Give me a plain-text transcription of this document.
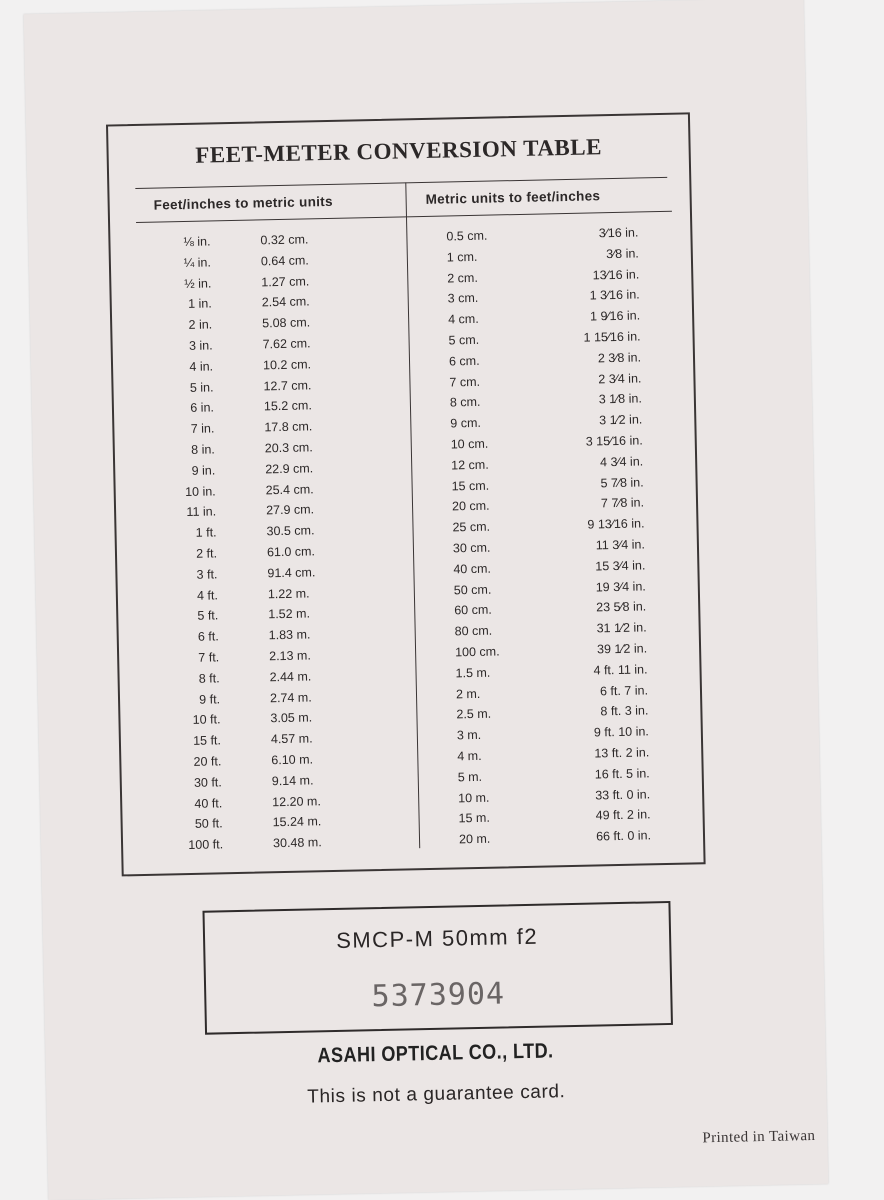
FEET-METER CONVERSION TABLE
Feet/inches to metric units	Metric units to feet/inches
⅛ in.	0.32 cm.
¼ in.	0.64 cm.
½ in.	1.27 cm.
1 in.	2.54 cm.
2 in.	5.08 cm.
3 in.	7.62 cm.
4 in.	10.2 cm.
5 in.	12.7 cm.
6 in.	15.2 cm.
7 in.	17.8 cm.
8 in.	20.3 cm.
9 in.	22.9 cm.
10 in.	25.4 cm.
11 in.	27.9 cm.
1 ft.	30.5 cm.
2 ft.	61.0 cm.
3 ft.	91.4 cm.
4 ft.	1.22 m.
5 ft.	1.52 m.
6 ft.	1.83 m.
7 ft.	2.13 m.
8 ft.	2.44 m.
9 ft.	2.74 m.
10 ft.	3.05 m.
15 ft.	4.57 m.
20 ft.	6.10 m.
30 ft.	9.14 m.
40 ft.	12.20 m.
50 ft.	15.24 m.
100 ft.	30.48 m.
0.5 cm.	3⁄16 in.
1 cm.	3⁄8 in.
2 cm.	13⁄16 in.
3 cm.	1 3⁄16 in.
4 cm.	1 9⁄16 in.
5 cm.	1 15⁄16 in.
6 cm.	2 3⁄8 in.
7 cm.	2 3⁄4 in.
8 cm.	3 1⁄8 in.
9 cm.	3 1⁄2 in.
10 cm.	3 15⁄16 in.
12 cm.	4 3⁄4 in.
15 cm.	5 7⁄8 in.
20 cm.	7 7⁄8 in.
25 cm.	9 13⁄16 in.
30 cm.	11 3⁄4 in.
40 cm.	15 3⁄4 in.
50 cm.	19 3⁄4 in.
60 cm.	23 5⁄8 in.
80 cm.	31 1⁄2 in.
100 cm.	39 1⁄2 in.
1.5 m.	4 ft. 11 in.
2 m.	6 ft. 7 in.
2.5 m.	8 ft. 3 in.
3 m.	9 ft. 10 in.
4 m.	13 ft. 2 in.
5 m.	16 ft. 5 in.
10 m.	33 ft. 0 in.
15 m.	49 ft. 2 in.
20 m.	66 ft. 0 in.
SMCP-M 50mm f2
5373904
ASAHI OPTICAL CO., LTD.
This is not a guarantee card.
Printed in Taiwan
